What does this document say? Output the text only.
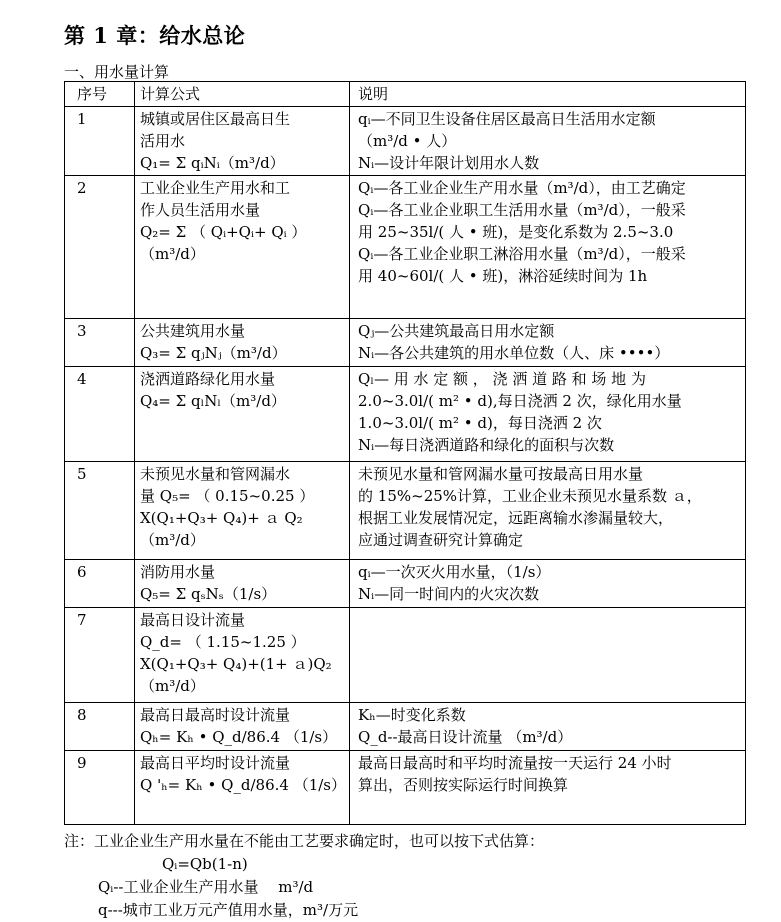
第 1 章：给水总论
一、用水量计算
序号	计算公式	说明
1	城镇或居住区最高日生
活用水
Q₁= Σ qᵢNᵢ（m³/d）	qᵢ—不同卫生设备住居区最高日生活用水定额
（m³/d • 人）
Nᵢ—设计年限计划用水人数

2	工业企业生产用水和工
作人员生活用水量
Q₂= Σ （ Qᵢ+Qᵢ+ Qᵢ ）
（m³/d）	Qᵢ—各工业企业生产用水量（m³/d），由工艺确定
Qᵢ—各工业企业职工生活用水量（m³/d），一般采
用 25~35l/( 人 • 班)，是变化系数为 2.5~3.0
Qᵢ—各工业企业职工淋浴用水量（m³/d），一般采
用 40~60l/( 人 • 班)，淋浴延续时间为 1h

3	公共建筑用水量
Q₃= Σ qⱼNⱼ（m³/d）	Qⱼ—公共建筑最高日用水定额
Nᵢ—各公共建筑的用水单位数（人、床 ••••）

4	浇洒道路绿化用水量
Q₄= Σ qₗNₗ（m³/d）	Qₗ— 用 水 定 额 ， 浇 洒 道 路 和 场 地 为
2.0~3.0l/( m² • d),每日浇洒 2 次，绿化用水量
1.0~3.0l/( m² • d)，每日浇洒 2 次
Nᵢ—每日浇洒道路和绿化的面积与次数

5	未预见水量和管网漏水
量 Q₅= （ 0.15~0.25 ）
X(Q₁+Q₃+ Q₄)+ ａ Q₂
（m³/d）	未预见水量和管网漏水量可按最高日用水量
的 15%~25%计算，工业企业未预见水量系数 ａ，
根据工业发展情况定，远距离输水渗漏量较大，
应通过调查研究计算确定

6	消防用水量
Q₅= Σ qₛNₛ（1/s）	qᵢ—一次灭火用水量，（1/s）
Nᵢ—同一时间内的火灾次数

7	最高日设计流量
Q_d= （ 1.15~1.25 ）
X(Q₁+Q₃+ Q₄)+(1+ ａ)Q₂
（m³/d）	

8	最高日最高时设计流量
Qₕ= Kₕ • Q_d/86.4 （1/s）	Kₕ—时变化系数
Q_d--最高日设计流量 （m³/d）

9	最高日平均时设计流量
Q 'ₕ= Kₕ • Q_d/86.4 （1/s）	最高日最高时和平均时流量按一天运行 24 小时
算出，否则按实际运行时间换算
注：工业企业生产用水量在不能由工艺要求确定时，也可以按下式估算：
Qᵢ=Qb(1-n)
Qᵢ--工业企业生产用水量　 m³/d
q---城市工业万元产值用水量，m³/万元
